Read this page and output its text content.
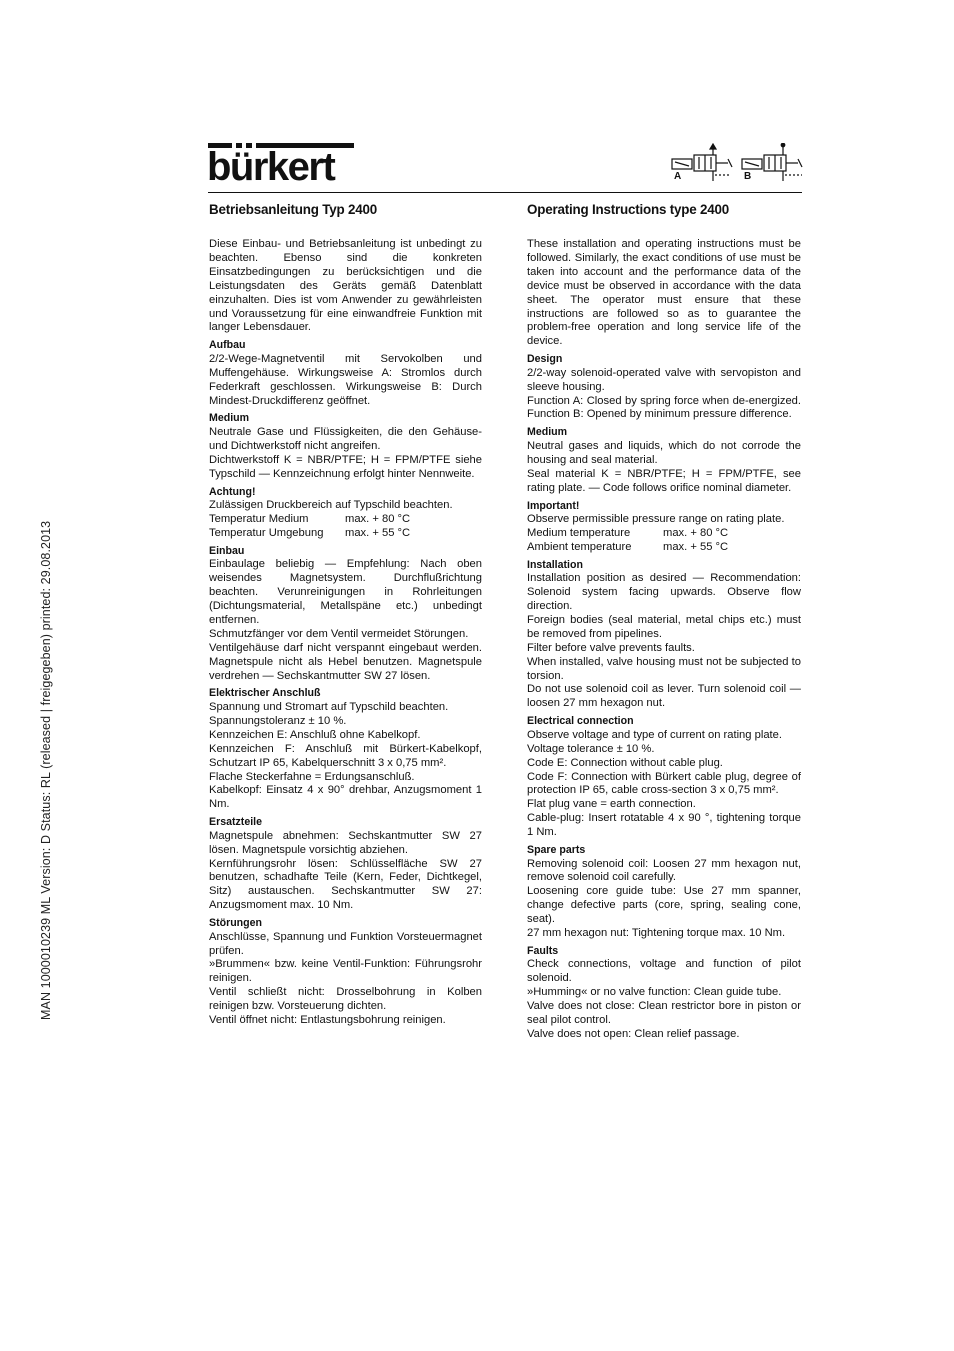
MAN 1000010239 ML Version: D Status: RL (released | freigegeben) printed: 29.08.2013
bürkert	A	B
Betriebsanleitung Typ 2400

Diese Einbau- und Betriebsanleitung ist unbedingt zu beachten. Ebenso sind die konkreten Einsatzbedingungen zu berücksichtigen und die Leistungsdaten des Geräts gemäß Datenblatt einzuhalten. Dies ist vom Anwender zu gewährleisten und Voraussetzung für eine einwandfreie Funktion mit langer Lebensdauer.

Aufbau

2/2-Wege-Magnetventil mit Servokolben und Muffengehäuse. Wirkungsweise A: Stromlos durch Federkraft geschlossen. Wirkungsweise B: Durch Mindest-Druckdifferenz geöffnet.

Medium

Neutrale Gase und Flüssigkeiten, die den Gehäuse- und Dichtwerkstoff nicht angreifen.

Dichtwerkstoff K = NBR/PTFE; H = FPM/PTFE siehe Typschild — Kennzeichnung erfolgt hinter Nennweite.

Achtung!

Zulässigen Druckbereich auf Typschild beachten.

Temperatur Medium	max. + 80 °C
Temperatur Umgebung	max. + 55 °C
Einbau

Einbaulage beliebig — Empfehlung: Nach oben weisendes Magnetsystem. Durchflußrichtung beachten. Verunreinigungen in Rohrleitungen (Dichtungsmaterial, Metallspäne etc.) unbedingt entfernen.

Schmutzfänger vor dem Ventil vermeidet Störungen.

Ventilgehäuse darf nicht verspannt eingebaut werden. Magnetspule nicht als Hebel benutzen. Magnetspule verdrehen — Sechskantmutter SW 27 lösen.

Elektrischer Anschluß

Spannung und Stromart auf Typschild beachten.

Spannungstoleranz ± 10 %.

Kennzeichen E: Anschluß ohne Kabelkopf.

Kennzeichen F: Anschluß mit Bürkert-Kabelkopf, Schutzart IP 65, Kabelquerschnitt 3 x 0,75 mm².

Flache Steckerfahne = Erdungsanschluß.

Kabelkopf: Einsatz 4 x 90° drehbar, Anzugsmoment 1 Nm.

Ersatzteile

Magnetspule abnehmen: Sechskantmutter SW 27 lösen. Magnetspule vorsichtig abziehen.

Kernführungsrohr lösen: Schlüsselfläche SW 27 benutzen, schadhafte Teile (Kern, Feder, Dichtkegel, Sitz) austauschen. Sechskantmutter SW 27: Anzugsmoment max. 10 Nm.

Störungen

Anschlüsse, Spannung und Funktion Vorsteuermagnet prüfen.

»Brummen« bzw. keine Ventil-Funktion: Führungsrohr reinigen.

Ventil schließt nicht: Drosselbohrung in Kolben reinigen bzw. Vorsteuerung dichten.

Ventil öffnet nicht: Entlastungsbohrung reinigen.

Operating Instructions type 2400

These installation and operating instructions must be followed. Similarly, the exact conditions of use must be taken into account and the performance data of the device must be observed in accordance with the data sheet. The operator must ensure that these instructions are followed so as to guarantee the problem-free operation and long service life of the device.

Design

2/2-way solenoid-operated valve with servopiston and sleeve housing.

Function A: Closed by spring force when de-energized. Function B: Opened by minimum pressure difference.

Medium

Neutral gases and liquids, which do not corrode the housing and seal material.

Seal material K = NBR/PTFE; H = FPM/PTFE, see rating plate. — Code follows orifice nominal diameter.

Important!

Observe permissible pressure range on rating plate.

Medium temperature	max. + 80 °C
Ambient temperature	max. + 55 °C
Installation

Installation position as desired — Recommendation: Solenoid system facing upwards. Observe flow direction.

Foreign bodies (seal material, metal chips etc.) must be removed from pipelines.

Filter before valve prevents faults.

When installed, valve housing must not be subjected to torsion.

Do not use solenoid coil as lever. Turn solenoid coil — loosen 27 mm hexagon nut.

Electrical connection

Observe voltage and type of current on rating plate.

Voltage tolerance ± 10 %.

Code E: Connection without cable plug.

Code F: Connection with Bürkert cable plug, degree of protection IP 65, cable cross-section 3 x 0,75 mm².

Flat plug vane = earth connection.

Cable-plug: Insert rotatable 4 x 90 °, tightening torque 1 Nm.

Spare parts

Removing solenoid coil: Loosen 27 mm hexagon nut, remove solenoid coil carefully.

Loosening core guide tube: Use 27 mm spanner, change defective parts (core, spring, sealing cone, seat).

27 mm hexagon nut: Tightening torque max. 10 Nm.

Faults

Check connections, voltage and function of pilot solenoid.

»Humming« or no valve function: Clean guide tube.

Valve does not close: Clean restrictor bore in piston or seal pilot control.

Valve does not open: Clean relief passage.
